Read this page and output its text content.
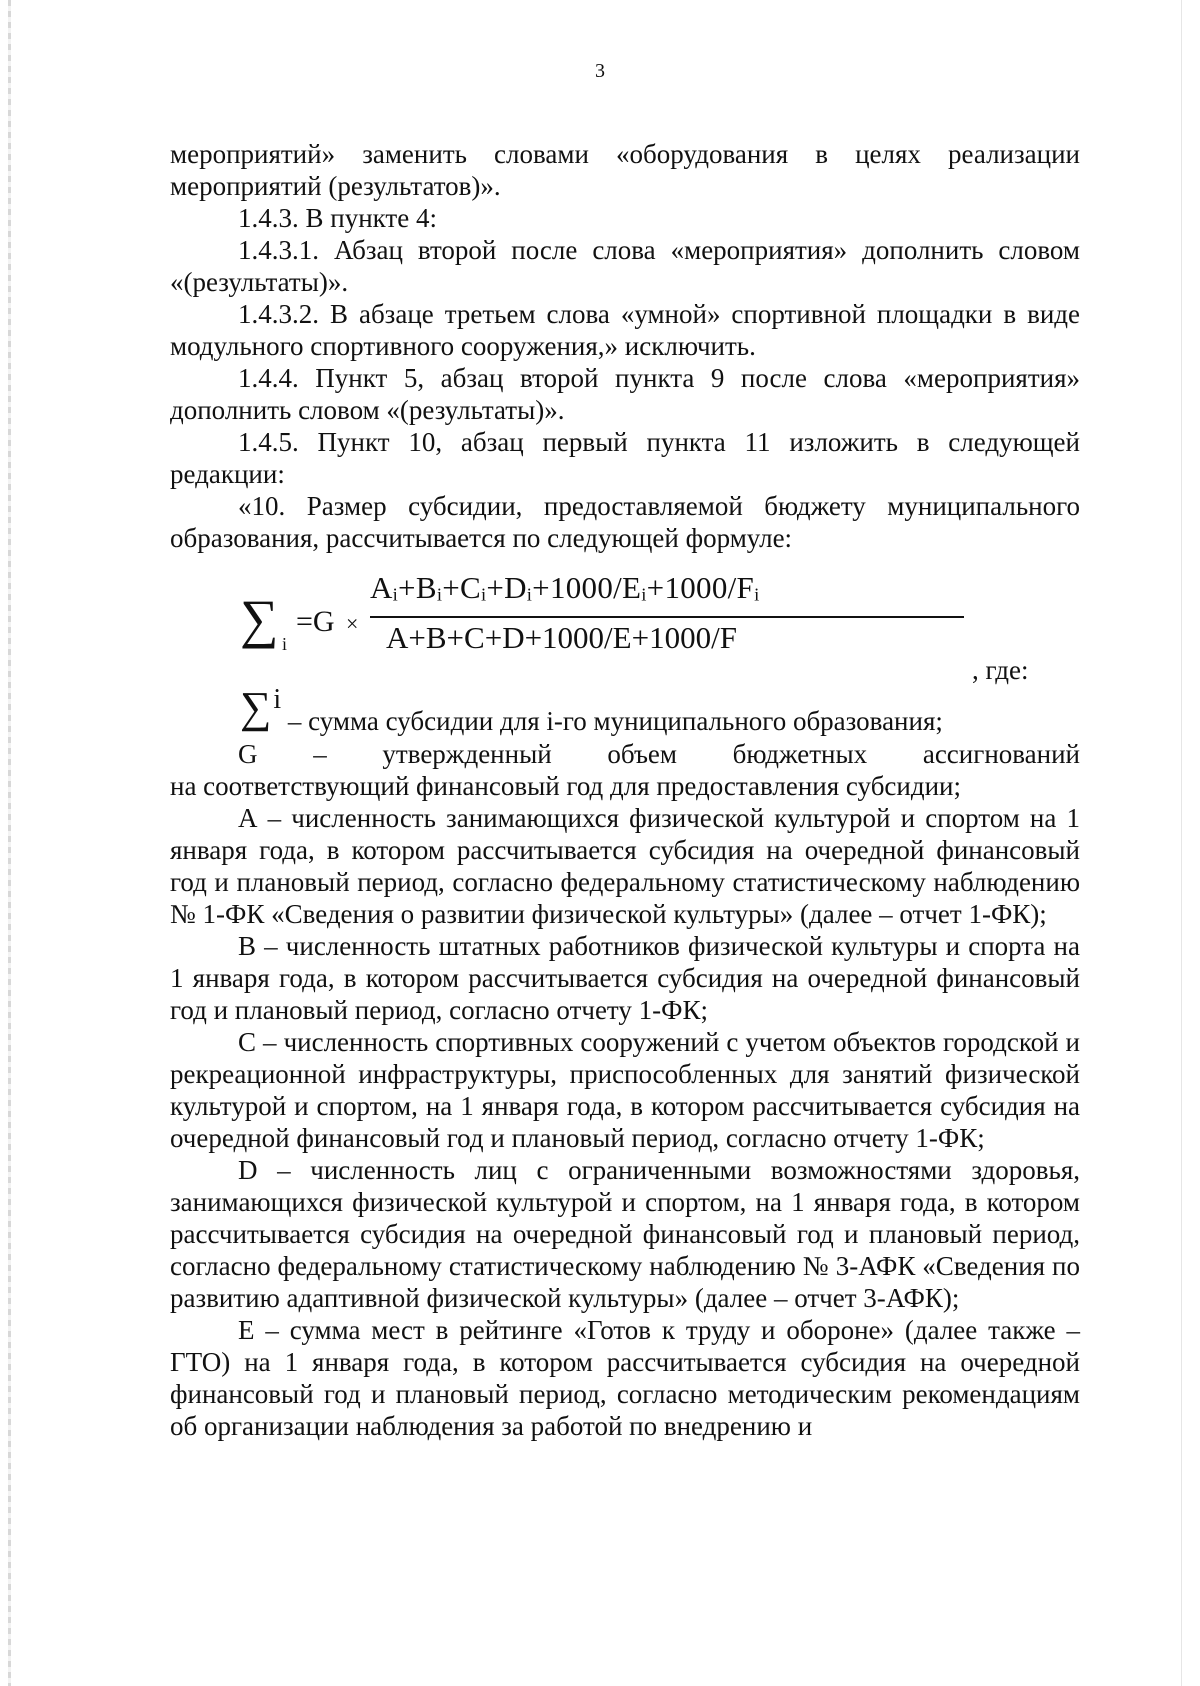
3

мероприятий» заменить словами «оборудования в целях реализации мероприятий (результатов)».

1.4.3. В пункте 4:

1.4.3.1. Абзац второй после слова «мероприятия» дополнить словом «(результаты)».

1.4.3.2. В абзаце третьем слова «умной» спортивной площадки в виде модульного спортивного сооружения,» исключить.

1.4.4. Пункт 5, абзац второй пункта 9 после слова «мероприятия» дополнить словом «(результаты)».

1.4.5. Пункт 10, абзац первый пункта 11 изложить в следующей редакции:

«10. Размер субсидии, предоставляемой бюджету муниципального образования, рассчитывается по следующей формуле:

∑ i
=G ×
Aᵢ+Bᵢ+Cᵢ+Dᵢ+1000/Eᵢ+1000/Fᵢ
A+B+C+D+1000/E+1000/F
, где:

∑i – сумма субсидии для i-го муниципального образования;

G – утвержденный объем бюджетных ассигнований

на соответствующий финансовый год для предоставления субсидии;

А – численность занимающихся физической культурой и спортом на 1 января года, в котором рассчитывается субсидия на очередной финансовый год и плановый период, согласно федеральному статистическому наблюдению № 1-ФК «Сведения о развитии физической культуры» (далее – отчет 1-ФК);

В – численность штатных работников физической культуры и спорта на 1 января года, в котором рассчитывается субсидия на очередной финансовый год и плановый период, согласно отчету 1-ФК;

С – численность спортивных сооружений с учетом объектов городской и рекреационной инфраструктуры, приспособленных для занятий физической культурой и спортом, на 1 января года, в котором рассчитывается субсидия на очередной финансовый год и плановый период, согласно отчету 1-ФК;

D – численность лиц с ограниченными возможностями здоровья, занимающихся физической культурой и спортом, на 1 января года, в котором рассчитывается субсидия на очередной финансовый год и плановый период, согласно федеральному статистическому наблюдению № 3-АФК «Сведения по развитию адаптивной физической культуры» (далее – отчет 3-АФК);

Е – сумма мест в рейтинге «Готов к труду и обороне» (далее также – ГТО) на 1 января года, в котором рассчитывается субсидия на очередной финансовый год и плановый период, согласно методическим рекомендациям об организации наблюдения за работой по внедрению и
